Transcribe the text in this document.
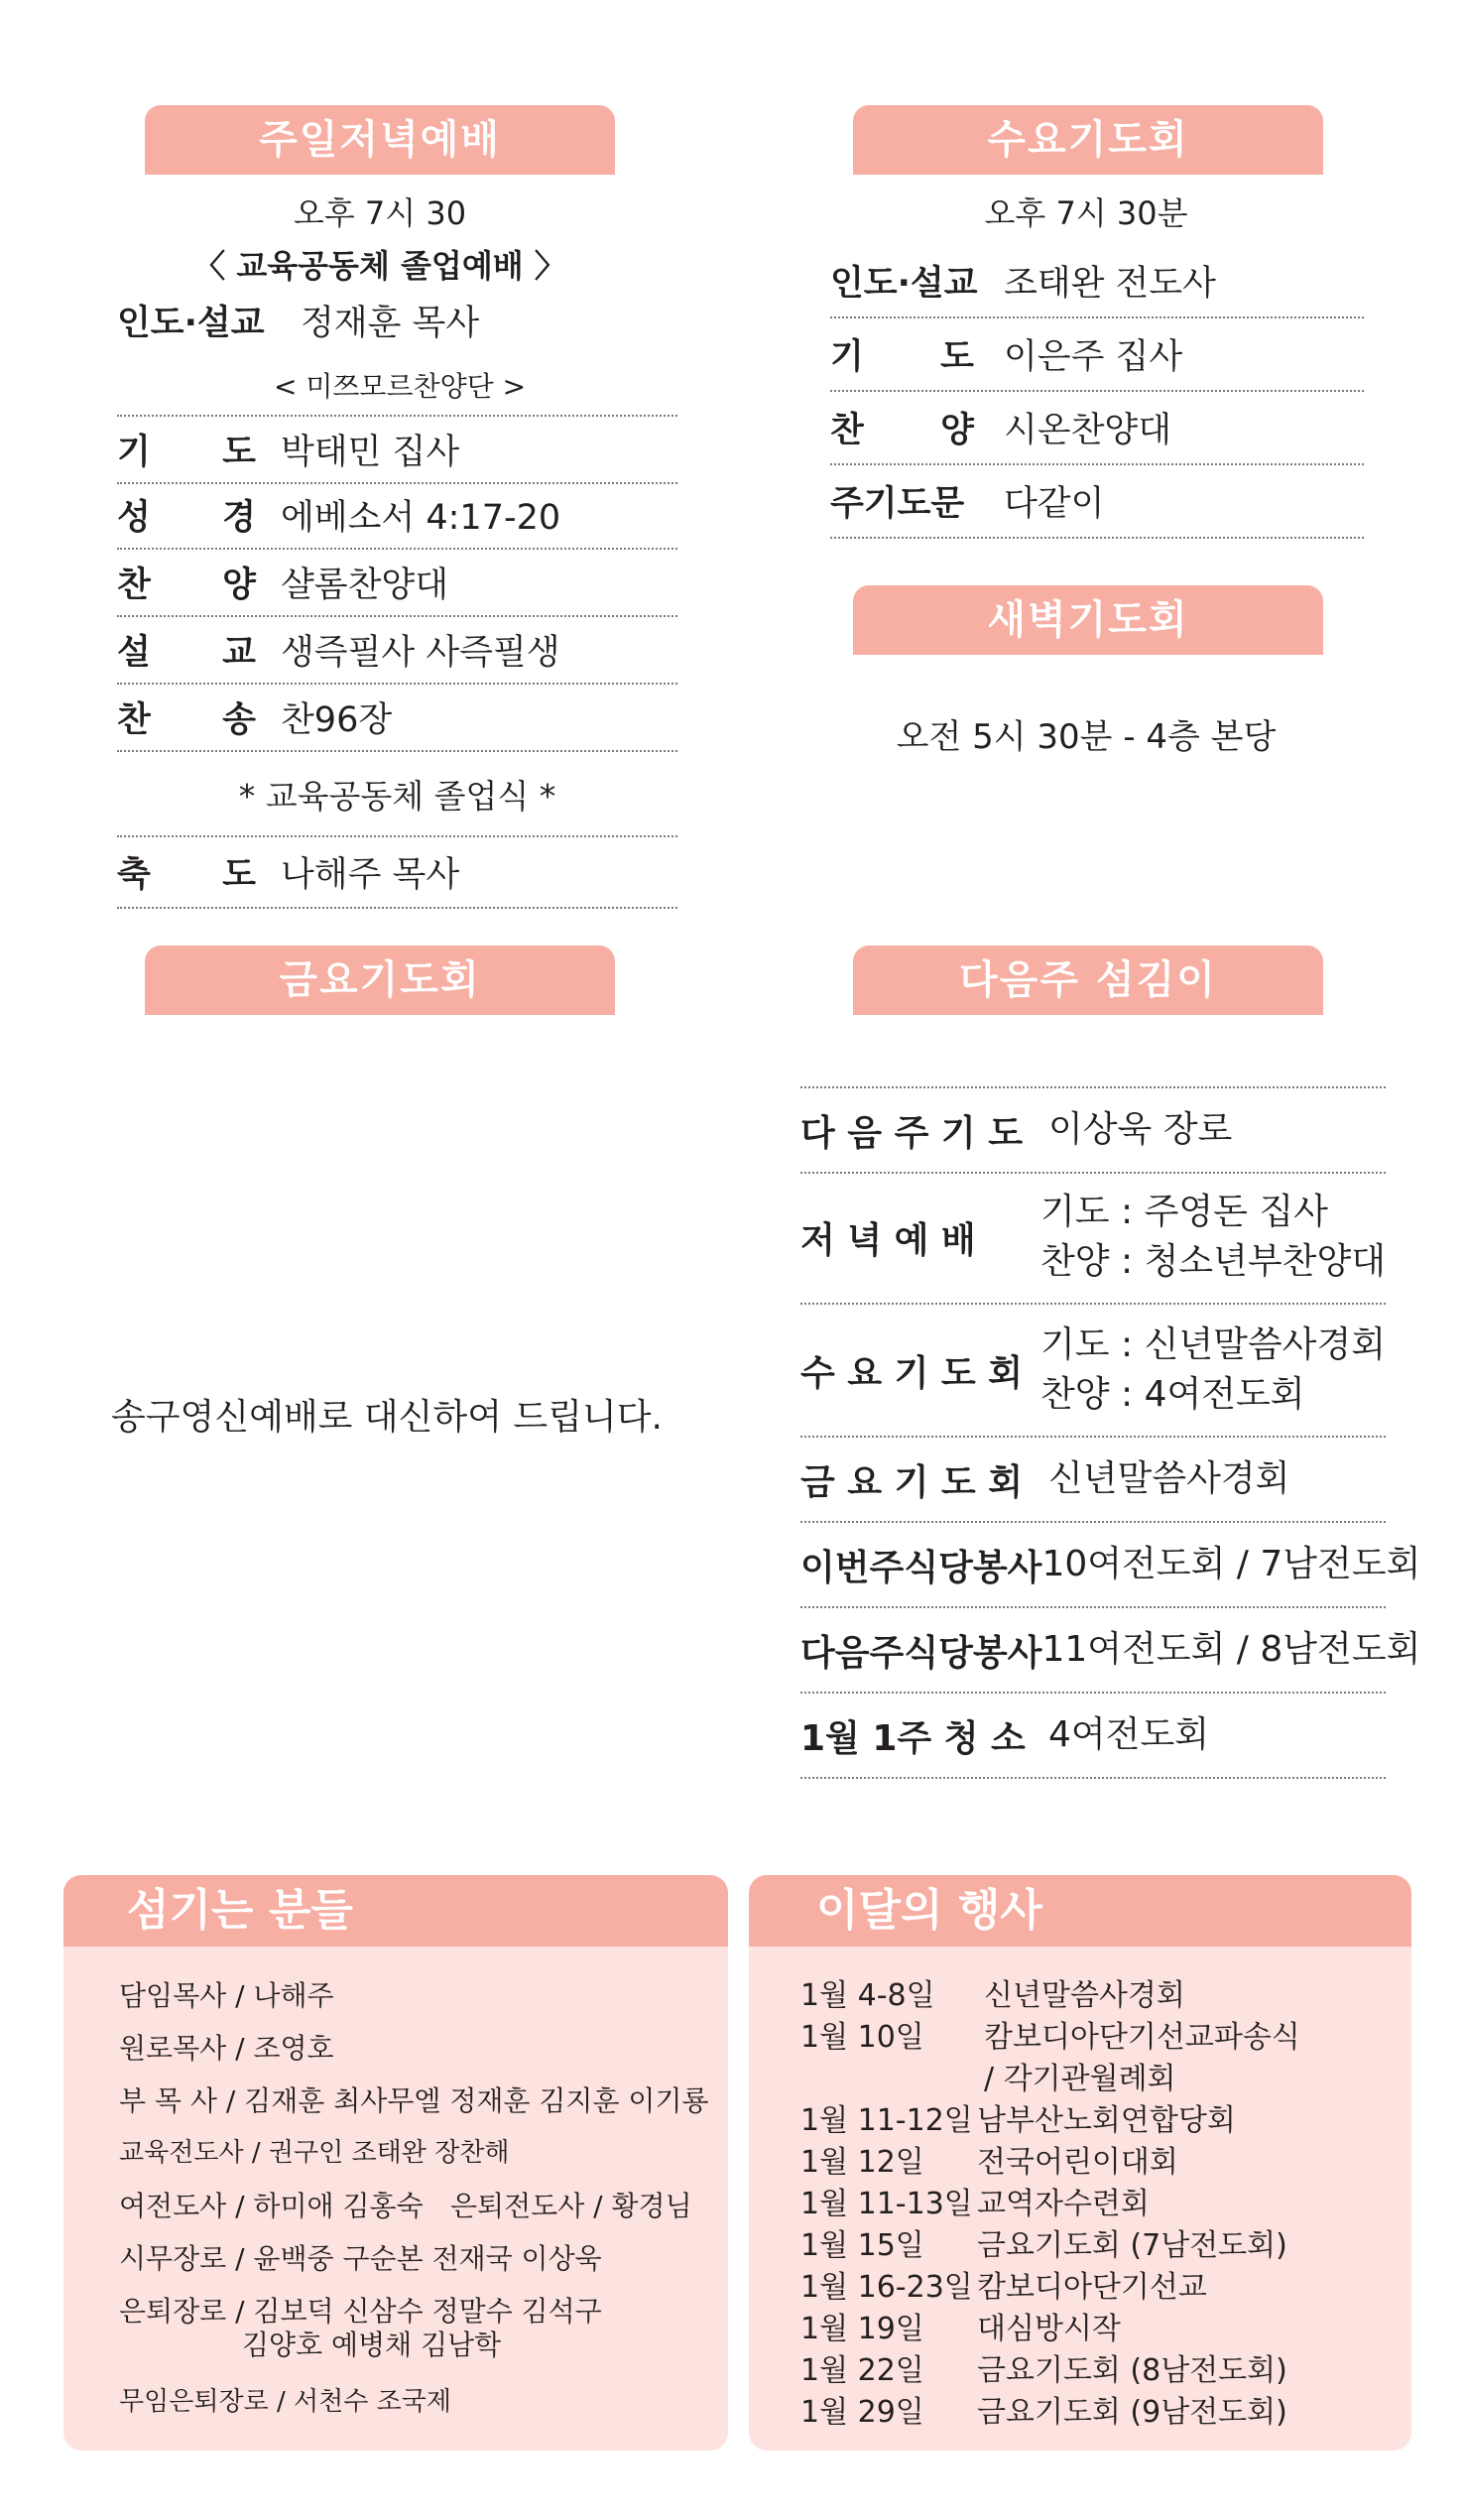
주일저녁예배
오후 7시 30
〈 교육공동체 졸업예배 〉
인도·설교	정재훈 목사
< 미쯔모르찬양단 >
기 도 박태민 집사
성 경 에베소서 4:17-20
찬 양 샬롬찬양대
설 교 생즉필사 사즉필생
찬 송 찬96장
* 교육공동체 졸업식 *
축 도 나해주 목사
수요기도회
오후 7시 30분
인도·설교 조태완 전도사
기 도 이은주 집사
찬 양 시온찬양대
주기도문 다같이
새벽기도회
오전 5시 30분 - 4층 본당
금요기도회
송구영신예배로 대신하여 드립니다.
다음주 섬김이
다 음 주 기 도 이상욱 장로
저 녁 예 배
기도 : 주영돈 집사
찬양 : 청소년부찬양대
수 요 기 도 회
기도 : 신년말씀사경회
찬양 : 4여전도회
금 요 기 도 회 신년말씀사경회
이번주식당봉사 10여전도회 / 7남전도회
다음주식당봉사 11여전도회 / 8남전도회
1월 1주 청 소 4여전도회
섬기는 분들
담임목사 / 나해주
원로목사 / 조영호
부 목 사 / 김재훈 최사무엘 정재훈 김지훈 이기룡
교육전도사 / 권구인 조태완 장찬해
여전도사 / 하미애 김홍숙 은퇴전도사 / 황경님
시무장로 / 윤백중 구순본 전재국 이상욱
은퇴장로 / 김보덕 신삼수 정말수 김석구
김양호 예병채 김남학
무임은퇴장로 / 서천수 조국제
이달의 행사
1월 4-8일 신년말씀사경회
1월 10일 캄보디아단기선교파송식
/ 각기관월례회
1월 11-12일 남부산노회연합당회
1월 12일 전국어린이대회
1월 11-13일 교역자수련회
1월 15일 금요기도회 (7남전도회)
1월 16-23일 캄보디아단기선교
1월 19일 대심방시작
1월 22일 금요기도회 (8남전도회)
1월 29일 금요기도회 (9남전도회)
